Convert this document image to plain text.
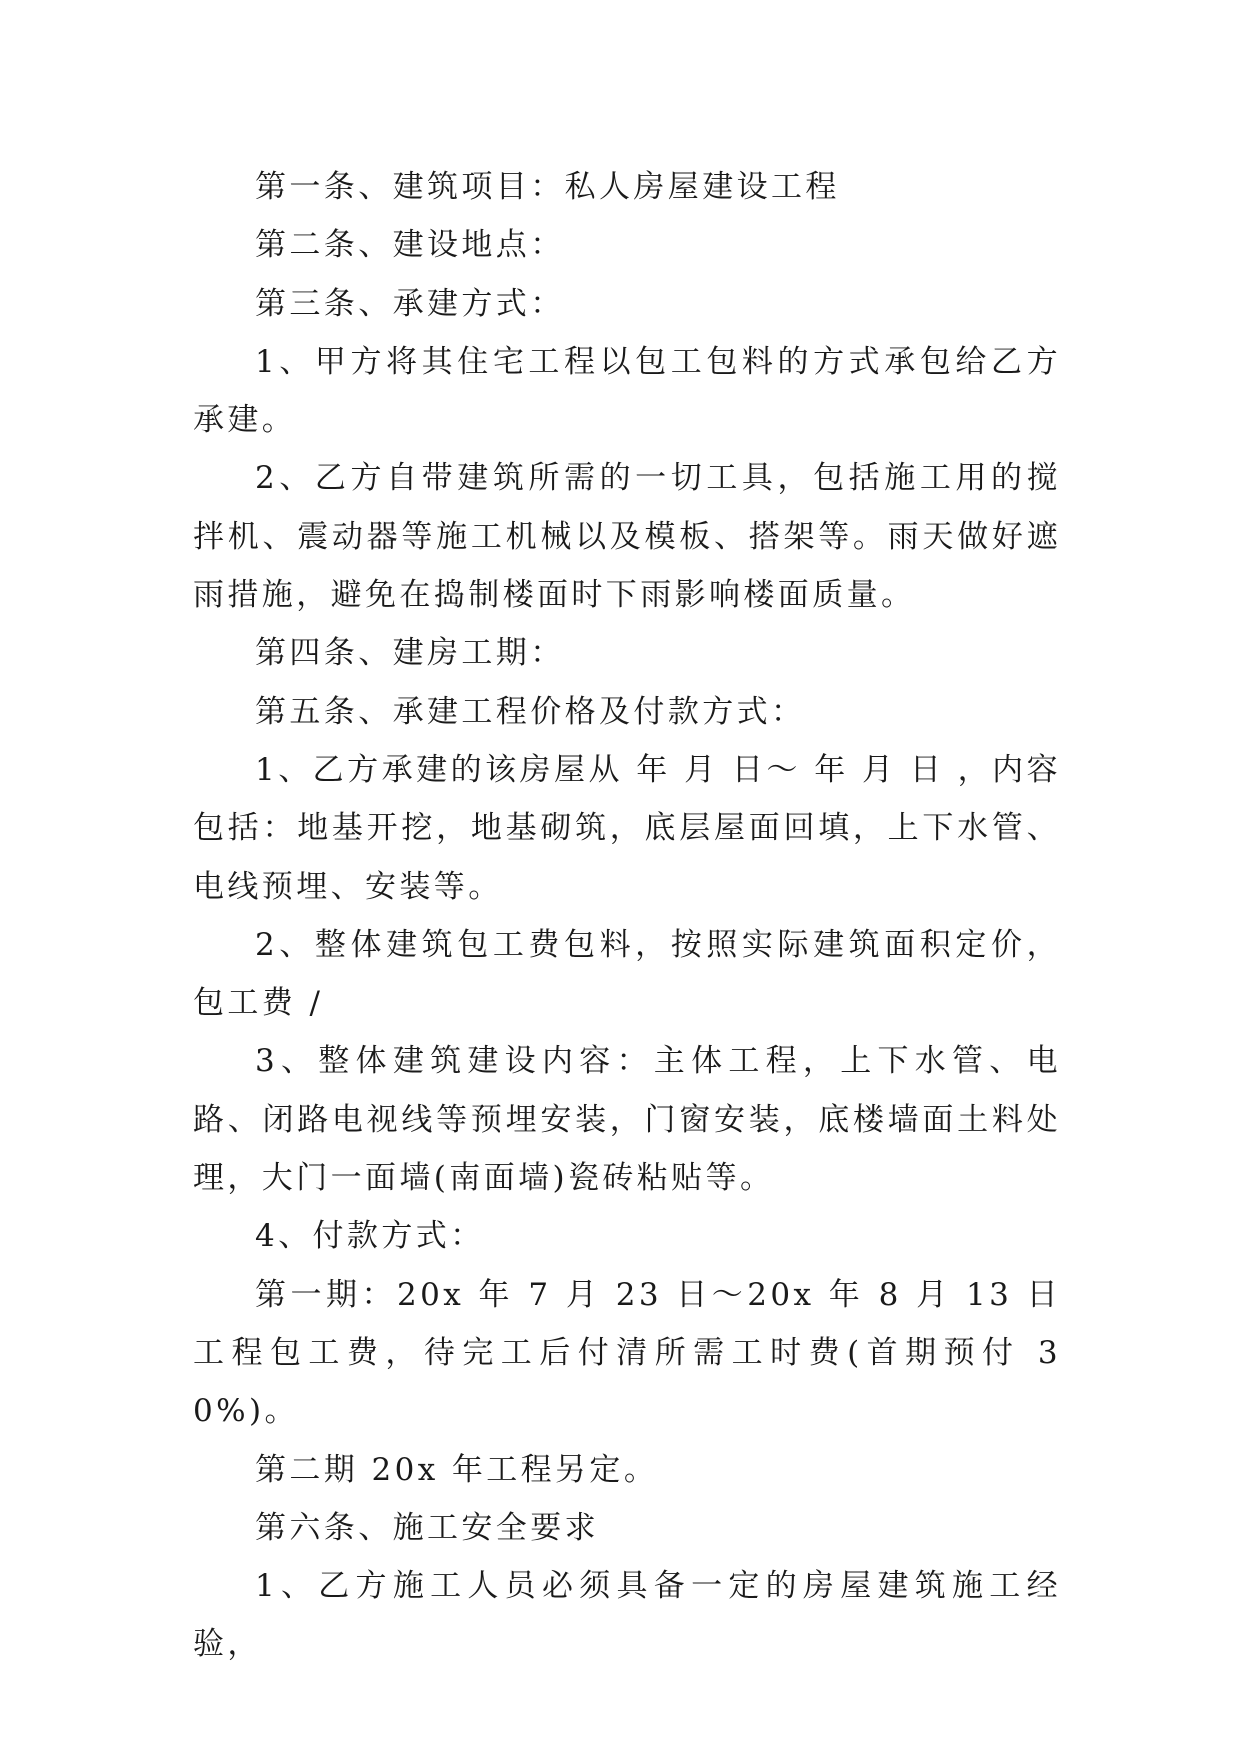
第一条、建筑项目：私人房屋建设工程

第二条、建设地点：

第三条、承建方式：

1、甲方将其住宅工程以包工包料的方式承包给乙方承建。

2、乙方自带建筑所需的一切工具，包括施工用的搅拌机、震动器等施工机械以及模板、搭架等。雨天做好遮雨措施，避免在捣制楼面时下雨影响楼面质量。

第四条、建房工期：

第五条、承建工程价格及付款方式：

1、乙方承建的该房屋从 年 月 日～ 年 月 日 ，内容包括：地基开挖，地基砌筑，底层屋面回填，上下水管、电线预埋、安装等。

2、整体建筑包工费包料，按照实际建筑面积定价，包工费 /

3、整体建筑建设内容：主体工程，上下水管、电路、闭路电视线等预埋安装，门窗安装，底楼墙面土料处理，大门一面墙(南面墙)瓷砖粘贴等。

4、付款方式：

第一期：20x 年 7 月 23 日～20x 年 8 月 13 日工程包工费，待完工后付清所需工时费(首期预付 30%)。

第二期 20x 年工程另定。

第六条、施工安全要求

1、乙方施工人员必须具备一定的房屋建筑施工经验，
